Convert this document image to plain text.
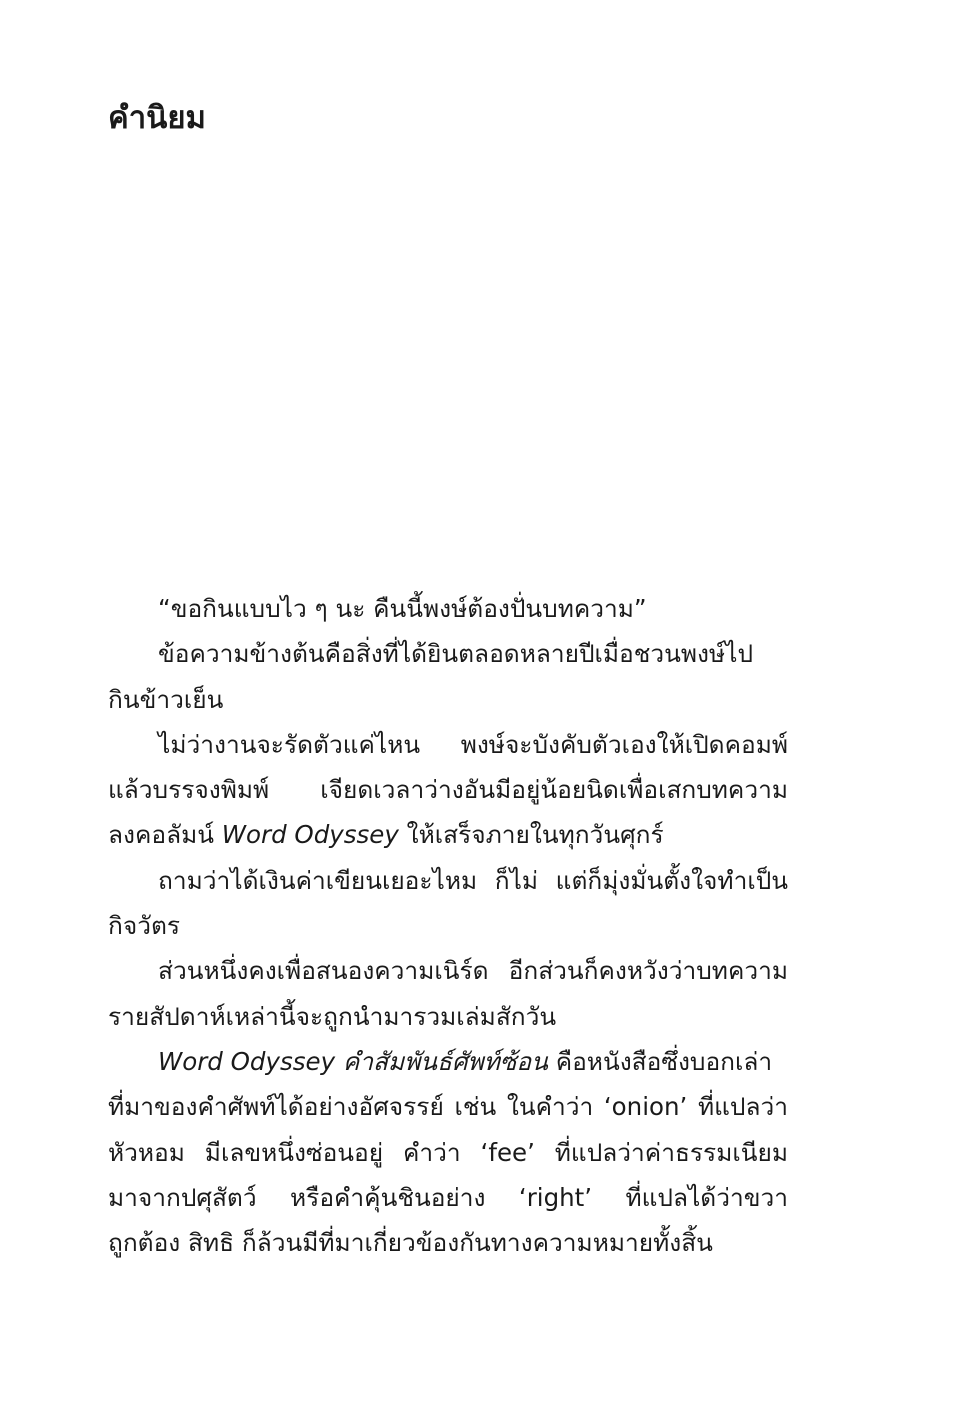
คำนิยม
“ขอกินแบบไว ๆ นะ คืนนี้พงษ์ต้องปั่นบทความ”
ข้อความข้างต้นคือสิ่งที่ได้ยินตลอดหลายปีเมื่อชวนพงษ์ไป
กินข้าวเย็น
ไม่ว่างานจะรัดตัวแค่ไหน พงษ์จะบังคับตัวเองให้เปิดคอมพ์
แล้วบรรจงพิมพ์ เจียดเวลาว่างอันมีอยู่น้อยนิดเพื่อเสกบทความ
ลงคอลัมน์ Word Odyssey ให้เสร็จภายในทุกวันศุกร์
ถามว่าได้เงินค่าเขียนเยอะไหม ก็ไม่ แต่ก็มุ่งมั่นตั้งใจทำเป็น
กิจวัตร
ส่วนหนึ่งคงเพื่อสนองความเนิร์ด อีกส่วนก็คงหวังว่าบทความ
รายสัปดาห์เหล่านี้จะถูกนำมารวมเล่มสักวัน
Word Odyssey คำสัมพันธ์ศัพท์ซ้อน คือหนังสือซึ่งบอกเล่า
ที่มาของคำศัพท์ได้อย่างอัศจรรย์ เช่น ในคำว่า ‘onion’ ที่แปลว่า
หัวหอม มีเลขหนึ่งซ่อนอยู่ คำว่า ‘fee’ ที่แปลว่าค่าธรรมเนียม
มาจากปศุสัตว์ หรือคำคุ้นชินอย่าง ‘right’ ที่แปลได้ว่าขวา
ถูกต้อง สิทธิ ก็ล้วนมีที่มาเกี่ยวข้องกันทางความหมายทั้งสิ้น
